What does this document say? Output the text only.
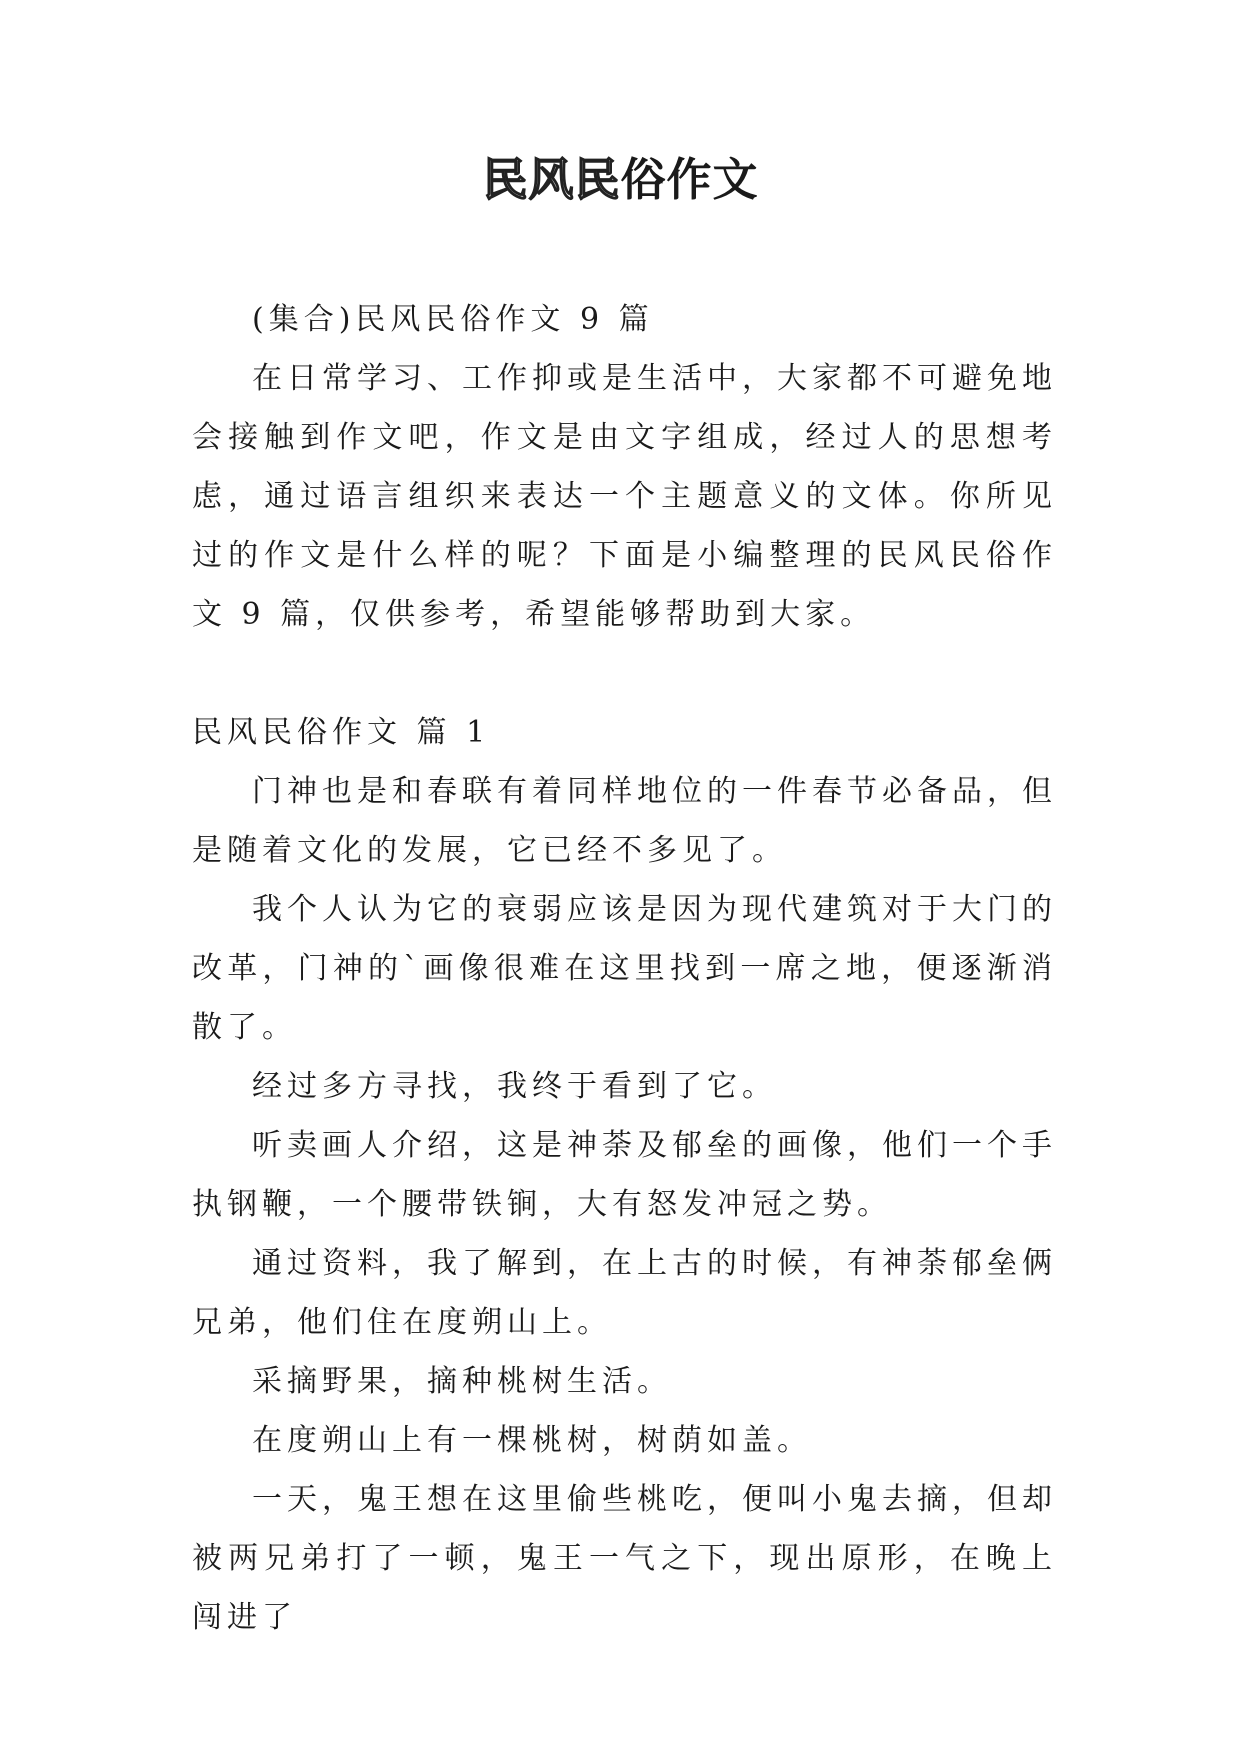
民风民俗作文

(集合)民风民俗作文 9 篇

在日常学习、工作抑或是生活中，大家都不可避免地会接触到作文吧，作文是由文字组成，经过人的思想考虑，通过语言组织来表达一个主题意义的文体。你所见过的作文是什么样的呢？下面是小编整理的民风民俗作文 9 篇，仅供参考，希望能够帮助到大家。

民风民俗作文 篇 1

门神也是和春联有着同样地位的一件春节必备品，但是随着文化的发展，它已经不多见了。

我个人认为它的衰弱应该是因为现代建筑对于大门的改革，门神的`画像很难在这里找到一席之地，便逐渐消散了。

经过多方寻找，我终于看到了它。

听卖画人介绍，这是神荼及郁垒的画像，他们一个手执钢鞭，一个腰带铁锏，大有怒发冲冠之势。

通过资料，我了解到，在上古的时候，有神荼郁垒俩兄弟，他们住在度朔山上。

采摘野果，摘种桃树生活。

在度朔山上有一棵桃树，树荫如盖。

一天，鬼王想在这里偷些桃吃，便叫小鬼去摘，但却被两兄弟打了一顿，鬼王一气之下，现出原形，在晚上闯进了
